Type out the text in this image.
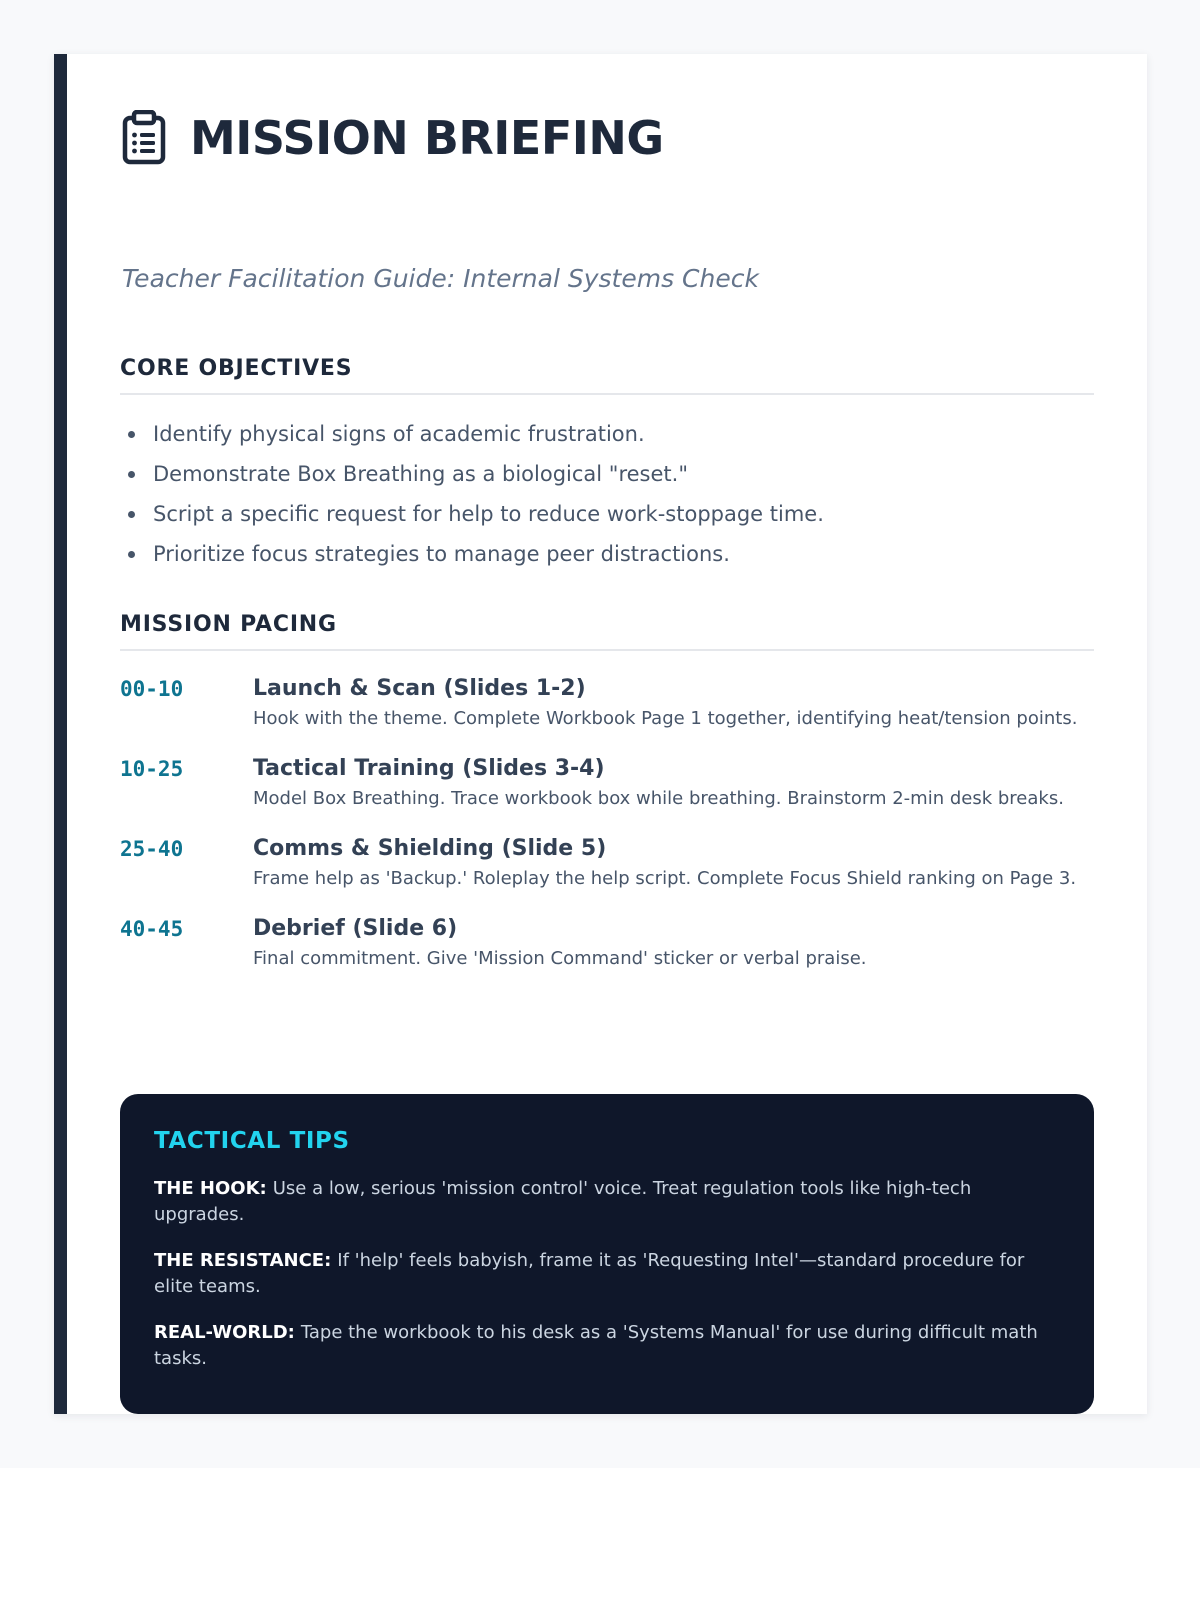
MISSION BRIEFING
Teacher Facilitation Guide: Internal Systems Check
CORE OBJECTIVES
Identify physical signs of academic frustration.
Demonstrate Box Breathing as a biological "reset."
Script a specific request for help to reduce work-stoppage time.
Prioritize focus strategies to manage peer distractions.
MISSION PACING
00-10	Launch & Scan (Slides 1-2)
Hook with the theme. Complete Workbook Page 1 together, identifying heat/tension points.
10-25	Tactical Training (Slides 3-4)
Model Box Breathing. Trace workbook box while breathing. Brainstorm 2-min desk breaks.
25-40	Comms & Shielding (Slide 5)
Frame help as 'Backup.' Roleplay the help script. Complete Focus Shield ranking on Page 3.
40-45	Debrief (Slide 6)
Final commitment. Give 'Mission Command' sticker or verbal praise.
TACTICAL TIPS

THE HOOK: Use a low, serious 'mission control' voice. Treat regulation tools like high-tech upgrades.

THE RESISTANCE: If 'help' feels babyish, frame it as 'Requesting Intel'—standard procedure for elite teams.

REAL-WORLD: Tape the workbook to his desk as a 'Systems Manual' for use during difficult math tasks.
